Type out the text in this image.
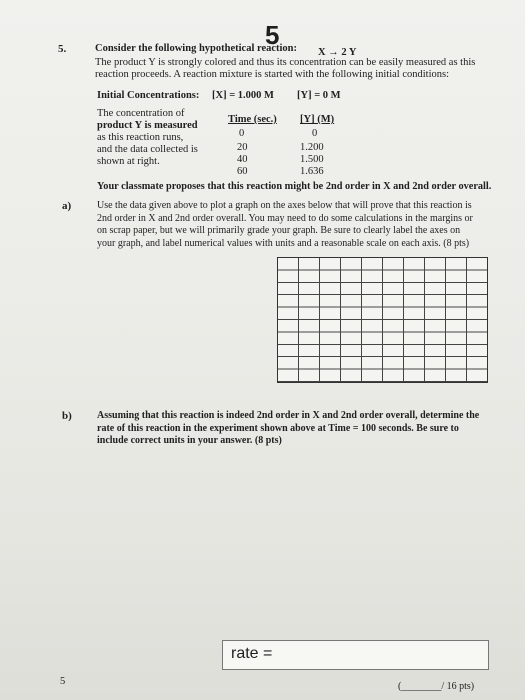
5
5.	Consider the following hypothetical reaction: X → 2 Y
The product Y is strongly colored and thus its concentration can be easily measured as this
reaction proceeds. A reaction mixture is started with the following initial conditions:
Initial Concentrations: [X] = 1.000 M [Y] = 0 M
The concentration of
product Y is measured
as this reaction runs,
and the data collected is
shown at right.
Time (sec.) [Y] (M)
0	0
20	1.200
40	1.500
60	1.636
Your classmate proposes that this reaction might be 2nd order in X and 2nd order overall.
a)	Use the data given above to plot a graph on the axes below that will prove that this reaction is
2nd order in X and 2nd order overall. You may need to do some calculations in the margins or
on scrap paper, but we will primarily grade your graph. Be sure to clearly label the axes on
your graph, and label numerical values with units and a reasonable scale on each axis. (8 pts)
b)	Assuming that this reaction is indeed 2nd order in X and 2nd order overall, determine the
rate of this reaction in the experiment shown above at Time = 100 seconds. Be sure to
include correct units in your answer. (8 pts)
rate =
5	(________/ 16 pts)
